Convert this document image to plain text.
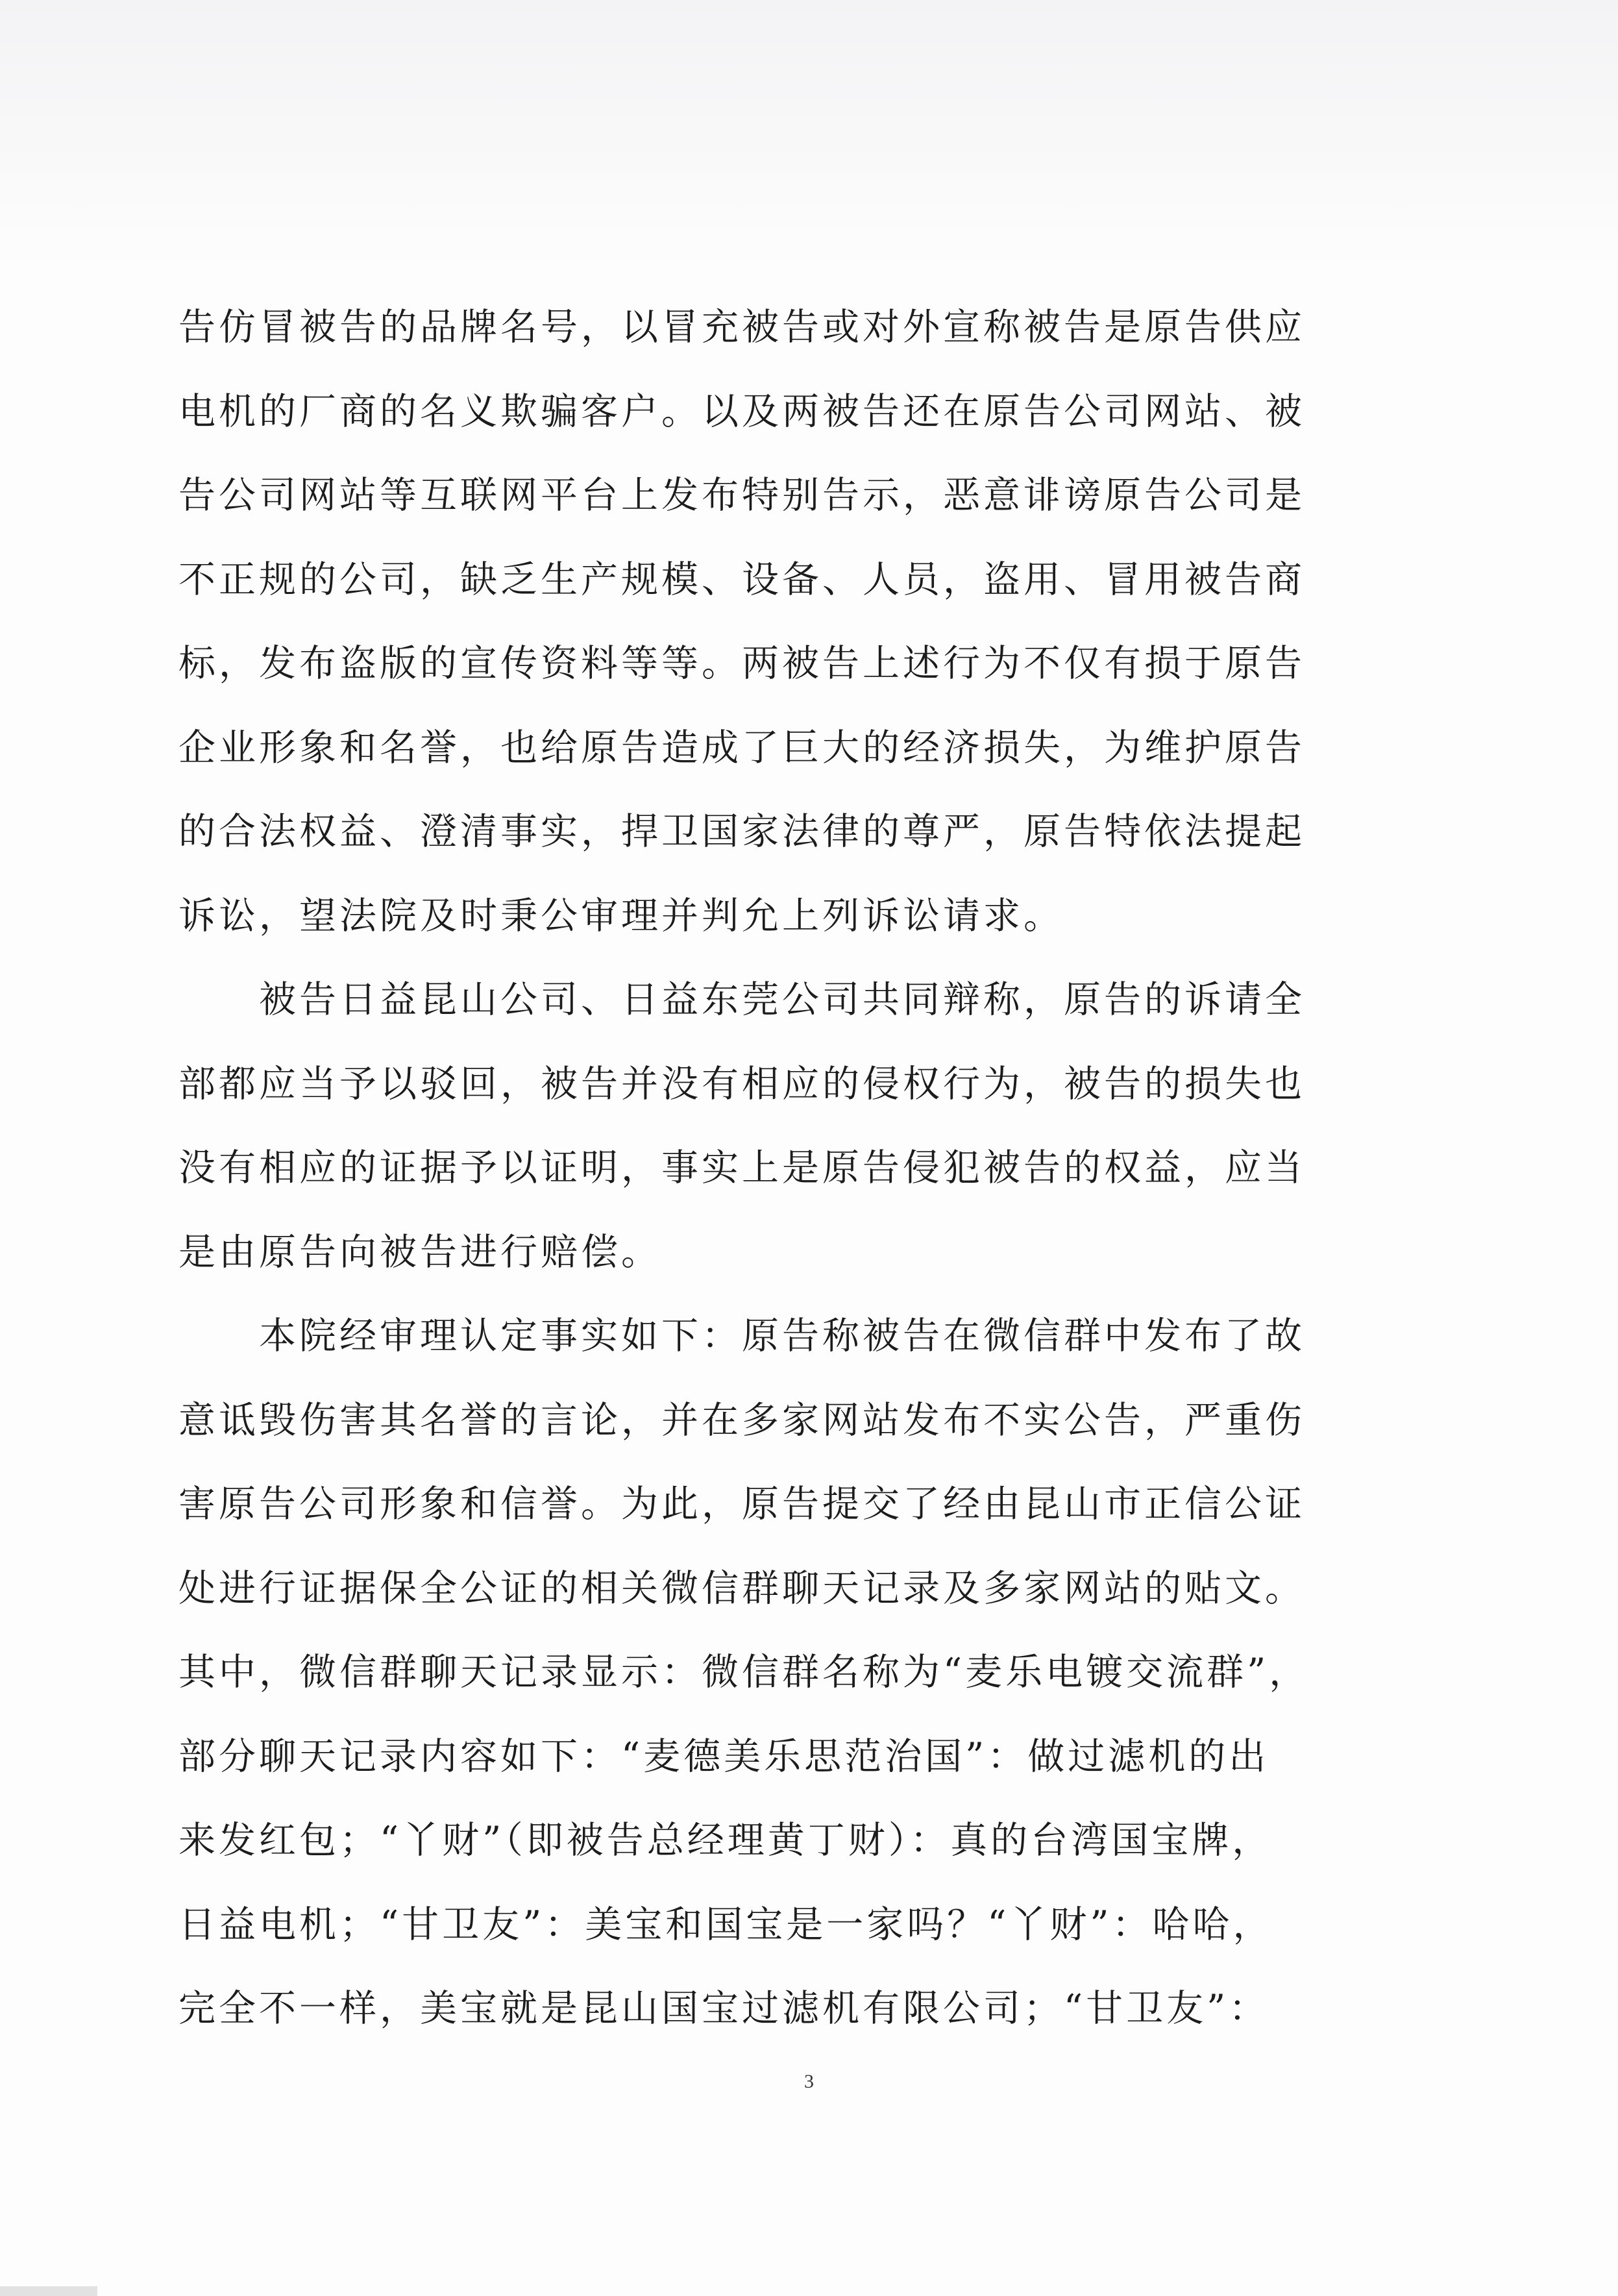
告仿冒被告的品牌名号，以冒充被告或对外宣称被告是原告供应
电机的厂商的名义欺骗客户。以及两被告还在原告公司网站、被
告公司网站等互联网平台上发布特别告示，恶意诽谤原告公司是
不正规的公司，缺乏生产规模、设备、人员，盗用、冒用被告商
标，发布盗版的宣传资料等等。两被告上述行为不仅有损于原告
企业形象和名誉，也给原告造成了巨大的经济损失，为维护原告
的合法权益、澄清事实，捍卫国家法律的尊严，原告特依法提起
诉讼，望法院及时秉公审理并判允上列诉讼请求。
被告日益昆山公司、日益东莞公司共同辩称，原告的诉请全
部都应当予以驳回，被告并没有相应的侵权行为，被告的损失也
没有相应的证据予以证明，事实上是原告侵犯被告的权益，应当
是由原告向被告进行赔偿。
本院经审理认定事实如下：原告称被告在微信群中发布了故
意诋毁伤害其名誉的言论，并在多家网站发布不实公告，严重伤
害原告公司形象和信誉。为此，原告提交了经由昆山市正信公证
处进行证据保全公证的相关微信群聊天记录及多家网站的贴文。
其中，微信群聊天记录显示：微信群名称为“麦乐电镀交流群”，
部分聊天记录内容如下：“麦德美乐思范治国”：做过滤机的出
来发红包；“丫财”（即被告总经理黄丁财）：真的台湾国宝牌，
日益电机；“甘卫友”：美宝和国宝是一家吗？“丫财”：哈哈，
完全不一样，美宝就是昆山国宝过滤机有限公司；“甘卫友”：
3
